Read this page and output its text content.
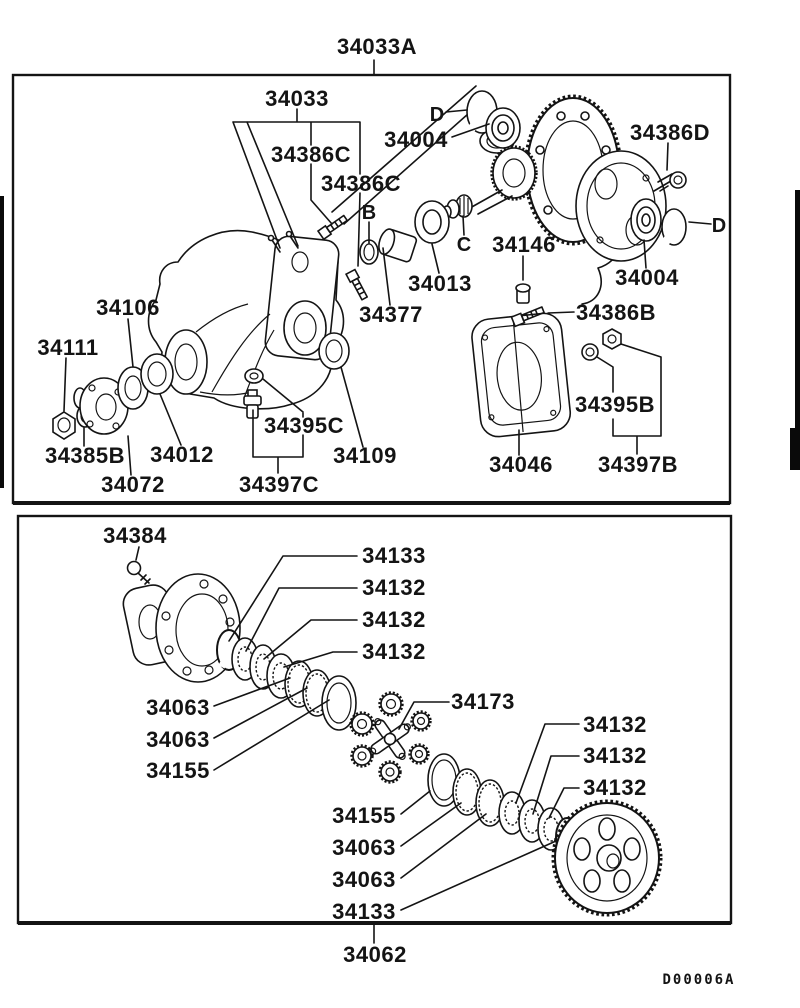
34033
34386C
34386C
34004	34386D
34013
34146
34004
34377
34106
34111
34386B
34385B 34012
34395C
34109
34395B
34072	34397C
34046 34397B
B
C
D
D
34384
34133
34132
34132
34132
34173
34132
34132
34132
34063
34063
34155
34155
34063
34063
34133
34033A
34062
D00006A
